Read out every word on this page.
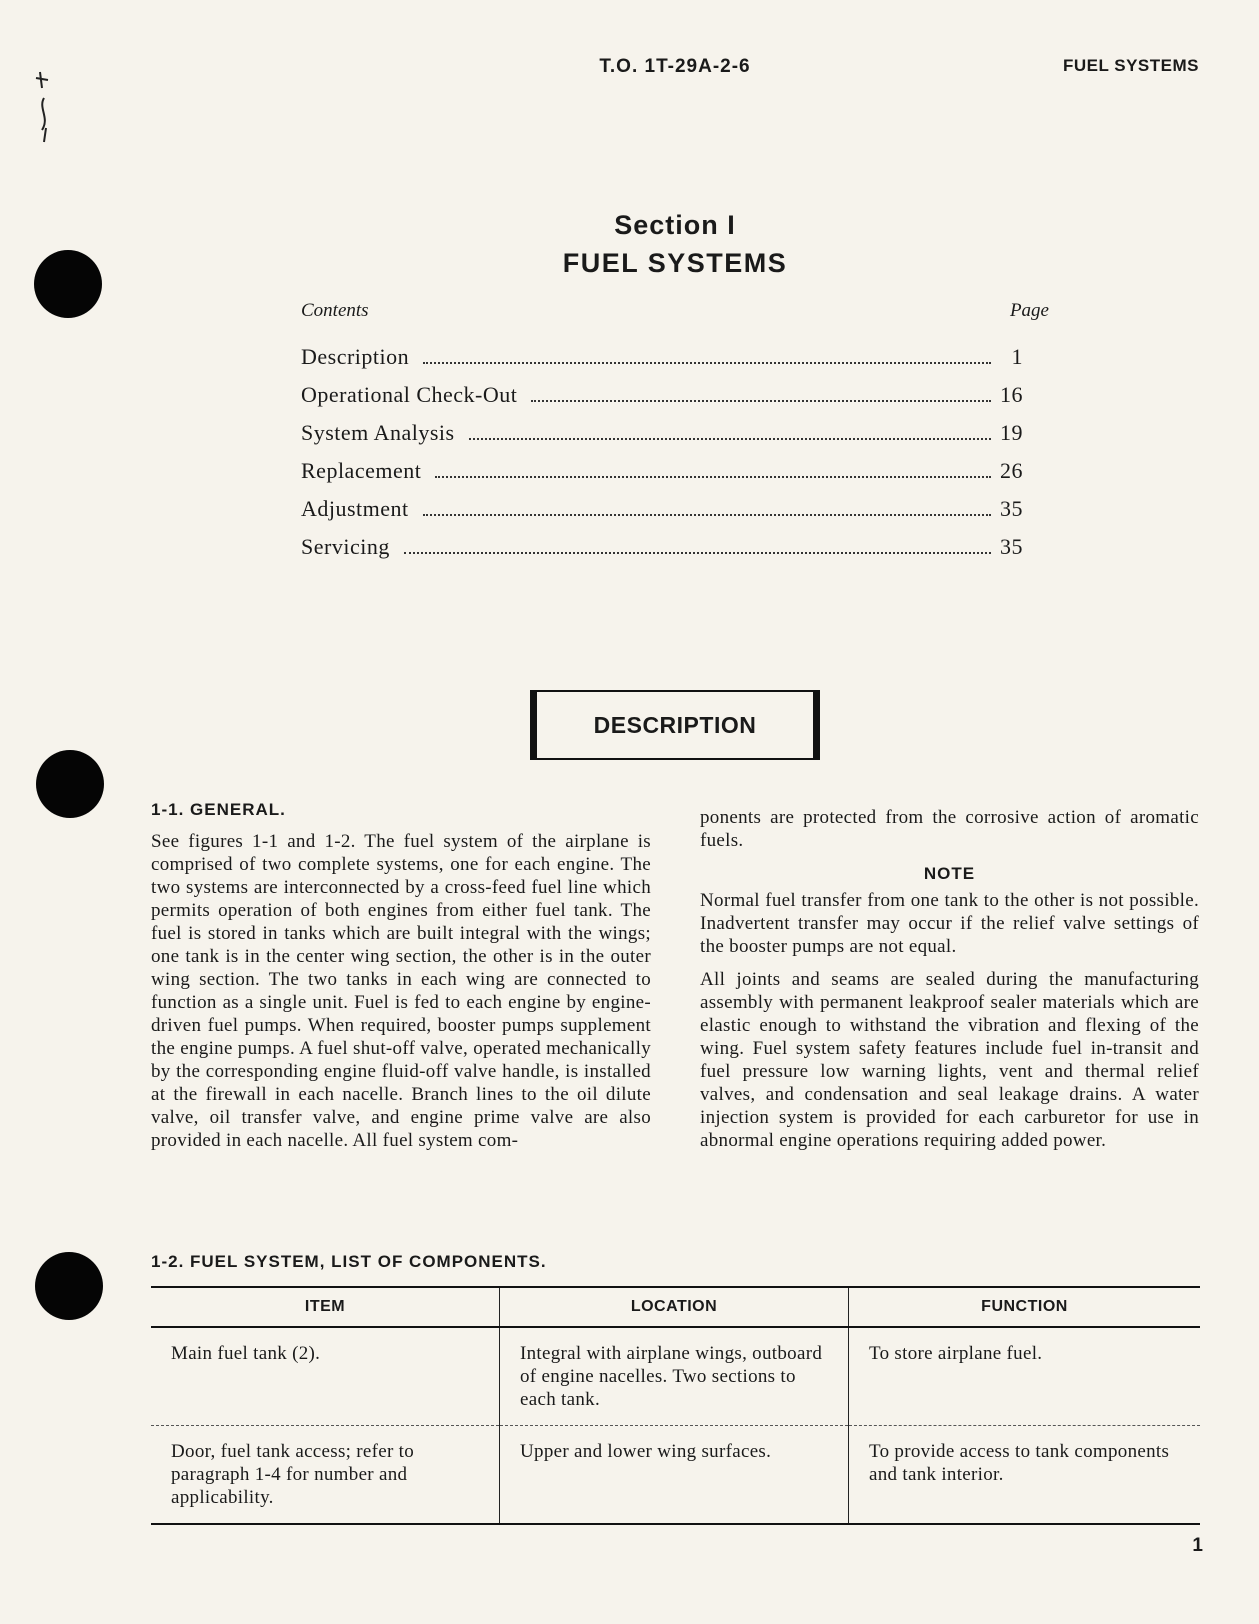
T.O. 1T-29A-2-6	FUEL SYSTEMS
Section I
FUEL SYSTEMS
Contents	Page
Description	1
Operational Check-Out	16
System Analysis	19
Replacement	26
Adjustment	35
Servicing	35
DESCRIPTION
1-1. GENERAL.

See figures 1-1 and 1-2. The fuel system of the airplane is comprised of two complete systems, one for each engine. The two systems are interconnected by a cross-feed fuel line which permits operation of both engines from either fuel tank. The fuel is stored in tanks which are built integral with the wings; one tank is in the center wing section, the other is in the outer wing section. The two tanks in each wing are connected to function as a single unit. Fuel is fed to each engine by engine-driven fuel pumps. When required, booster pumps supplement the engine pumps. A fuel shut-off valve, operated mechanically by the corresponding engine fluid-off valve handle, is installed at the firewall in each nacelle. Branch lines to the oil dilute valve, oil transfer valve, and engine prime valve are also provided in each nacelle. All fuel system com-

ponents are protected from the corrosive action of aromatic fuels.

NOTE

Normal fuel transfer from one tank to the other is not possible. Inadvertent transfer may occur if the relief valve settings of the booster pumps are not equal.

All joints and seams are sealed during the manufacturing assembly with permanent leakproof sealer materials which are elastic enough to withstand the vibration and flexing of the wing. Fuel system safety features include fuel in-transit and fuel pressure low warning lights, vent and thermal relief valves, and condensation and seal leakage drains. A water injection system is provided for each carburetor for use in abnormal engine operations requiring added power.

1-2. FUEL SYSTEM, LIST OF COMPONENTS.
ITEM	LOCATION	FUNCTION
Main fuel tank (2).	Integral with airplane wings, outboard of engine nacelles. Two sections to each tank.	To store airplane fuel.
Door, fuel tank access; refer to paragraph 1-4 for number and applicability.	Upper and lower wing surfaces.	To provide access to tank components and tank interior.
1
